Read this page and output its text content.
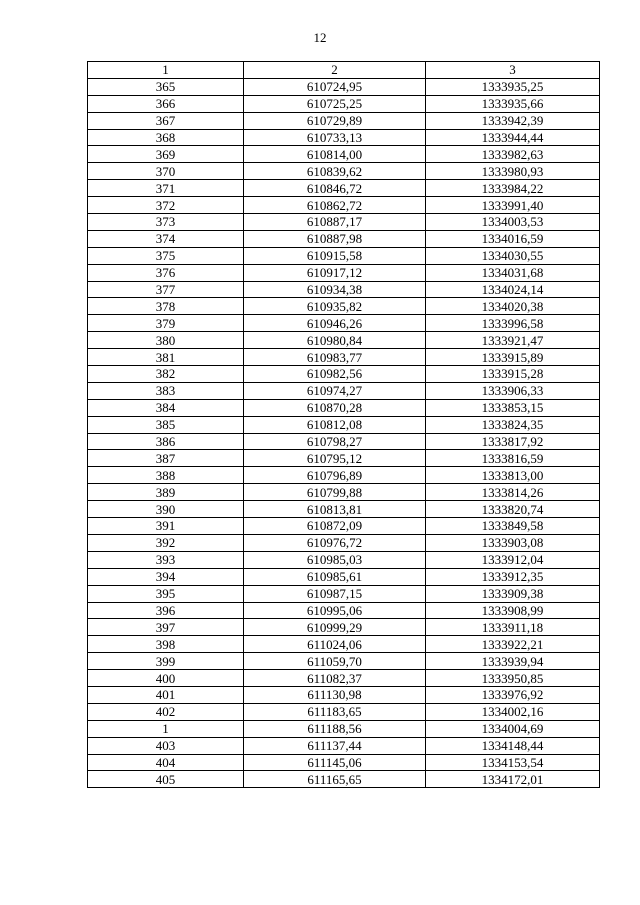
12
1	2	3
365	610724,95	1333935,25
366	610725,25	1333935,66
367	610729,89	1333942,39
368	610733,13	1333944,44
369	610814,00	1333982,63
370	610839,62	1333980,93
371	610846,72	1333984,22
372	610862,72	1333991,40
373	610887,17	1334003,53
374	610887,98	1334016,59
375	610915,58	1334030,55
376	610917,12	1334031,68
377	610934,38	1334024,14
378	610935,82	1334020,38
379	610946,26	1333996,58
380	610980,84	1333921,47
381	610983,77	1333915,89
382	610982,56	1333915,28
383	610974,27	1333906,33
384	610870,28	1333853,15
385	610812,08	1333824,35
386	610798,27	1333817,92
387	610795,12	1333816,59
388	610796,89	1333813,00
389	610799,88	1333814,26
390	610813,81	1333820,74
391	610872,09	1333849,58
392	610976,72	1333903,08
393	610985,03	1333912,04
394	610985,61	1333912,35
395	610987,15	1333909,38
396	610995,06	1333908,99
397	610999,29	1333911,18
398	611024,06	1333922,21
399	611059,70	1333939,94
400	611082,37	1333950,85
401	611130,98	1333976,92
402	611183,65	1334002,16
1	611188,56	1334004,69
403	611137,44	1334148,44
404	611145,06	1334153,54
405	611165,65	1334172,01
